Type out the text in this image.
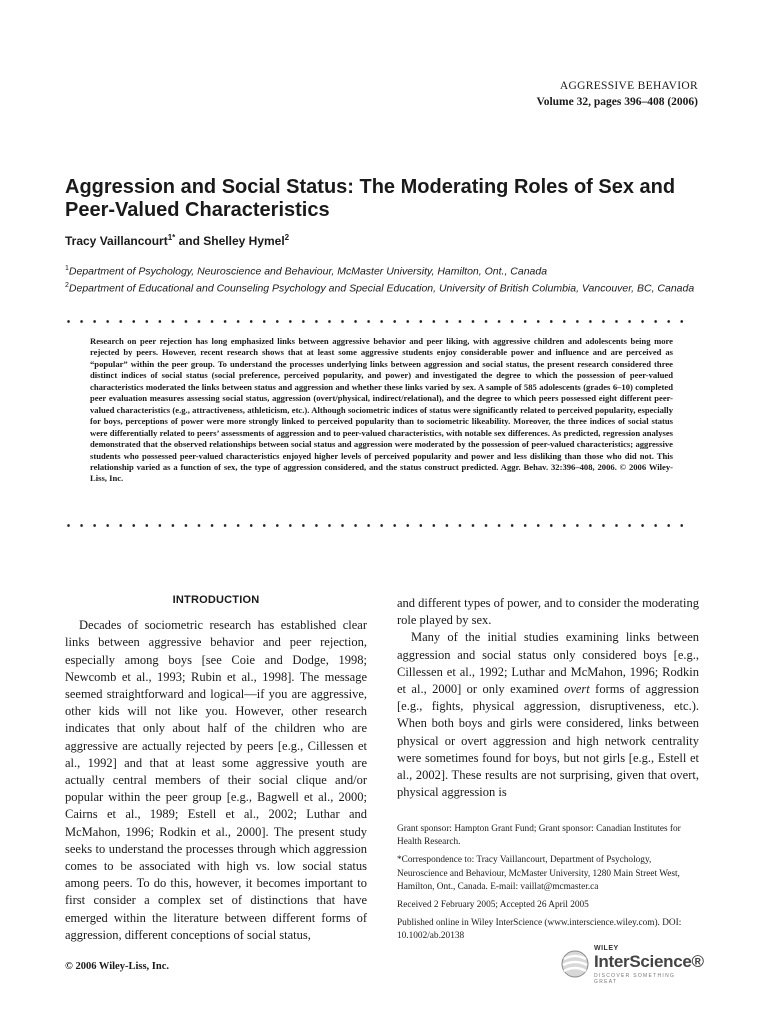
AGGRESSIVE BEHAVIOR
Volume 32, pages 396–408 (2006)
Aggression and Social Status: The Moderating Roles of Sex and Peer-Valued Characteristics
Tracy Vaillancourt$^{1*}$ and Shelley Hymel$^2$
$^1$Department of Psychology, Neuroscience and Behaviour, McMaster University, Hamilton, Ont., Canada
$^2$Department of Educational and Counseling Psychology and Special Education, University of British Columbia, Vancouver, BC, Canada

Research on peer rejection has long emphasized links between aggressive behavior and peer liking, with aggressive children and adolescents being more rejected by peers. However, recent research shows that at least some aggressive students enjoy considerable power and influence and are perceived as “popular” within the peer group. To understand the processes underlying links between aggression and social status, the present research considered three distinct indices of social status (social preference, perceived popularity, and power) and investigated the degree to which the possession of peer-valued characteristics moderated the links between status and aggression and whether these links varied by sex. A sample of 585 adolescents (grades 6–10) completed peer evaluation measures assessing social status, aggression (overt/physical, indirect/relational), and the degree to which peers possessed eight different peer-valued characteristics (e.g., attractiveness, athleticism, etc.). Although sociometric indices of status were significantly related to perceived popularity, especially for boys, perceptions of power were more strongly linked to perceived popularity than to sociometric likeability. Moreover, the three indices of social status were differentially related to peers’ assessments of aggression and to peer-valued characteristics, with notable sex differences. As predicted, regression analyses demonstrated that the observed relationships between social status and aggression were moderated by the possession of peer-valued characteristics; aggressive students who possessed peer-valued characteristics enjoyed higher levels of perceived popularity and power and less disliking than those who did not. This relationship varied as a function of sex, the type of aggression considered, and the status construct predicted. Aggr. Behav. 32:396–408, 2006. © 2006 Wiley-Liss, Inc.

INTRODUCTION

Decades of sociometric research has established clear links between aggressive behavior and peer rejection, especially among boys [see Coie and Dodge, 1998; Newcomb et al., 1993; Rubin et al., 1998]. The message seemed straightforward and logical—if you are aggressive, other kids will not like you. However, other research indicates that only about half of the children who are aggressive are actually rejected by peers [e.g., Cillessen et al., 1992] and that at least some aggressive youth are actually central members of their social clique and/or popular within the peer group [e.g., Bagwell et al., 2000; Cairns et al., 1989; Estell et al., 2002; Luthar and McMahon, 1996; Rodkin et al., 2000]. The present study seeks to understand the processes through which aggression comes to be associated with high vs. low social status among peers. To do this, however, it becomes important to first consider a complex set of distinctions that have emerged within the literature between different forms of aggression, different conceptions of social status,

and different types of power, and to consider the moderating role played by sex.

Many of the initial studies examining links between aggression and social status only considered boys [e.g., Cillessen et al., 1992; Luthar and McMahon, 1996; Rodkin et al., 2000] or only examined overt forms of aggression [e.g., fights, physical aggression, disruptiveness, etc.). When both boys and girls were considered, links between physical or overt aggression and high network centrality were sometimes found for boys, but not girls [e.g., Estell et al., 2002]. These results are not surprising, given that overt, physical aggression is

Grant sponsor: Hampton Grant Fund; Grant sponsor: Canadian Institutes for Health Research.

*Correspondence to: Tracy Vaillancourt, Department of Psychology, Neuroscience and Behaviour, McMaster University, 1280 Main Street West, Hamilton, Ont., Canada. E-mail: vaillat@mcmaster.ca

Received 2 February 2005; Accepted 26 April 2005

Published online in Wiley InterScience (www.interscience.wiley.com). DOI: 10.1002/ab.20138

© 2006 Wiley-Liss, Inc.
WILEY
InterScience®
DISCOVER SOMETHING GREAT
